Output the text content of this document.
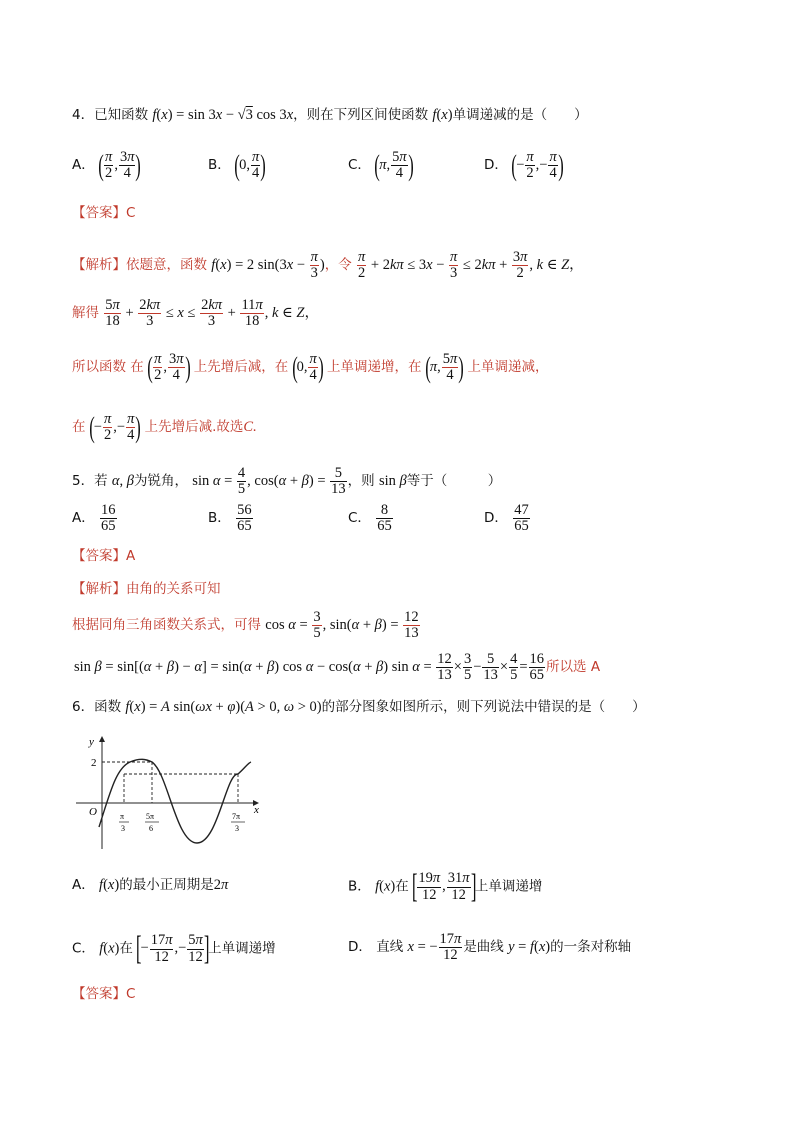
4．已知函数 f(x) = sin 3x − √3 cos 3x，则在下列区间使函数 f(x)单调递减的是（　　）
A． ( $\frac{\pi}{2}$ , $\frac{3\pi}{4}$ )	B． (0, $\frac{\pi}{4}$ )	C． (π, $\frac{5\pi}{4}$ )	D． (− $\frac{\pi}{2}$ ,− $\frac{\pi}{4}$ )
【答案】C
【解析】依题意，函数 f(x) = 2 $\sin(3x - \frac{\pi}{3}$ )，令 $\frac{\pi}{2} + 2k\pi \le 3x - \frac{\pi}{3} \le 2k\pi + \frac{3\pi}{2}$ , k ∈ Z，
解得 $\frac{5\pi}{18} + \frac{2k\pi}{3} \le x \le \frac{2k\pi}{3} + \frac{11\pi}{18}$ , k ∈ Z，
所以函数 在 ( $\frac{\pi}{2}$ , $\frac{3\pi}{4}$ ) 上先增后减，在 (0, $\frac{\pi}{4}$ ) 上单调递增，在 (π, $\frac{5\pi}{4}$ ) 上单调递减，
在 (− $\frac{\pi}{2}$ ,− $\frac{\pi}{4}$ ) 上先增后减.故选C.
5．若 α, β为锐角， $\sin \alpha = \frac{4}{5}$ , $\cos(\alpha + \beta) = \frac{5}{13}$ ，则 sin β等于（　　　）
A． $\frac{16}{65}$	B． $\frac{56}{65}$	C． $\frac{8}{65}$	D． $\frac{47}{65}$
【答案】A
【解析】由角的关系可知
根据同角三角函数关系式，可得 $\cos \alpha = \frac{3}{5}$ , $\sin(\alpha + \beta) = \frac{12}{13}$
sin β = sin[(α + β) − α] = sin(α + β) cos α − cos(α + β) $\sin \alpha = \frac{12}{13} \times \frac{3}{5} - \frac{5}{13} \times \frac{4}{5} = \frac{16}{65}$ 所以选 A
6．函数 f(x) = A sin(ωx + φ)(A > 0, ω > 0)的部分图象如图所示，则下列说法中错误的是（　　）
y
x
O
2
π
3
5π
6
7π
3
A． f(x)的最小正周期是2π	B． f(x)在 [ $\frac{19\pi}{12}$ , $\frac{31\pi}{12}$ ]上单调递增
C． f(x)在 [− $\frac{17\pi}{12}$ ,− $\frac{5\pi}{12}$ ]上单调递增	D． 直线 x = − $\frac{17\pi}{12}$ 是曲线 y = f(x)的一条对称轴
【答案】C
